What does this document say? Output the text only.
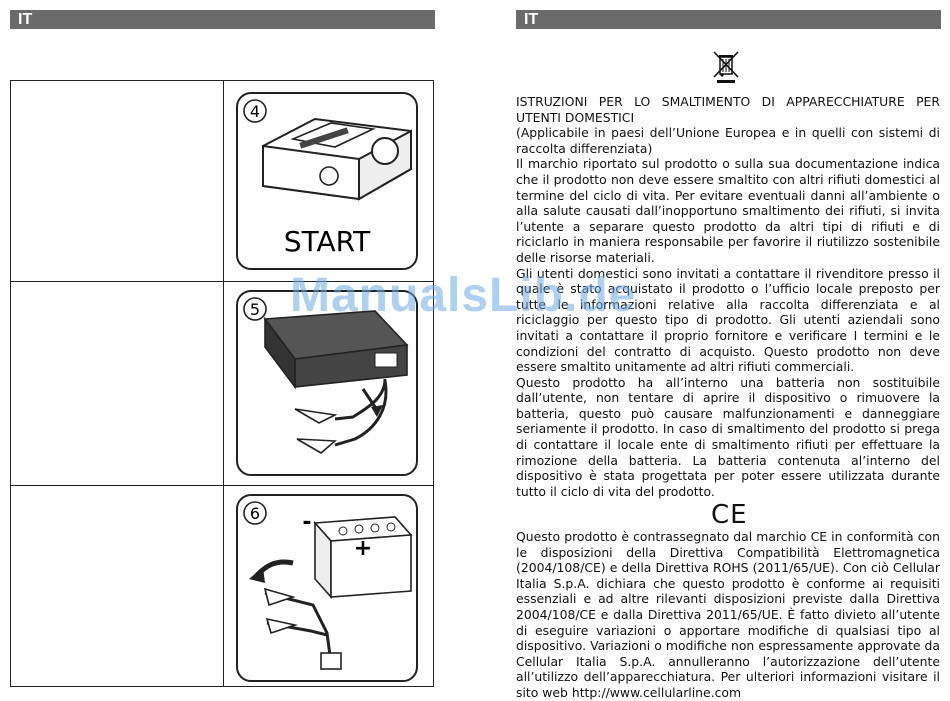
IT	IT
4
START
5
6 -
+

ISTRUZIONI PER LO SMALTIMENTO DI APPARECCHIATURE PER UTENTI DOMESTICI
(Applicabile in paesi dell’Unione Europea e in quelli con sistemi di raccolta differenziata)
Il marchio riportato sul prodotto o sulla sua documentazione indica che il prodotto non deve essere smaltito con altri rifiuti domestici al termine del ciclo di vita. Per evitare eventuali danni all’ambiente o alla salute causati dall’inopportuno smaltimento dei rifiuti, si invita l’utente a separare questo prodotto da altri tipi di rifiuti e di riciclarlo in maniera responsabile per favorire il riutilizzo sostenibile delle risorse materiali.
Gli utenti domestici sono invitati a contattare il rivenditore presso il quale è stato acquistato il prodotto o l’ufficio locale preposto per tutte le informazioni relative alla raccolta differenziata e al riciclaggio per questo tipo di prodotto. Gli utenti aziendali sono invitati a contattare il proprio fornitore e verificare I termini e le condizioni del contratto di acquisto. Questo prodotto non deve essere smaltito unitamente ad altri rifiuti commerciali.
Questo prodotto ha all’interno una batteria non sostituibile dall’utente, non tentare di aprire il dispositivo o rimuovere la batteria, questo può causare malfunzionamenti e danneggiare seriamente il prodotto. In caso di smaltimento del prodotto si prega di contattare il locale ente di smaltimento rifiuti per effettuare la rimozione della batteria. La batteria contenuta al’interno del dispositivo è stata progettata per poter essere utilizzata durante tutto il ciclo di vita del prodotto.

CE

Questo prodotto è contrassegnato dal marchio CE in conformità con le disposizioni della Direttiva Compatibilità Elettromagnetica (2004/108/CE) e della Direttiva ROHS (2011/65/UE). Con ciò Cellular Italia S.p.A. dichiara che questo prodotto è conforme ai requisiti essenziali e ad altre rilevanti disposizioni previste dalla Direttiva 2004/108/CE e dalla Direttiva 2011/65/UE. È fatto divieto all’utente di eseguire variazioni o apportare modifiche di qualsiasi tipo al dispositivo. Variazioni o modifiche non espressamente approvate da Cellular Italia S.p.A. annulleranno l’autorizzazione dell’utente all’utilizzo dell’apparecchiatura. Per ulteriori informazioni visitare il sito web http://www.cellularline.com

ManualsLib.de
